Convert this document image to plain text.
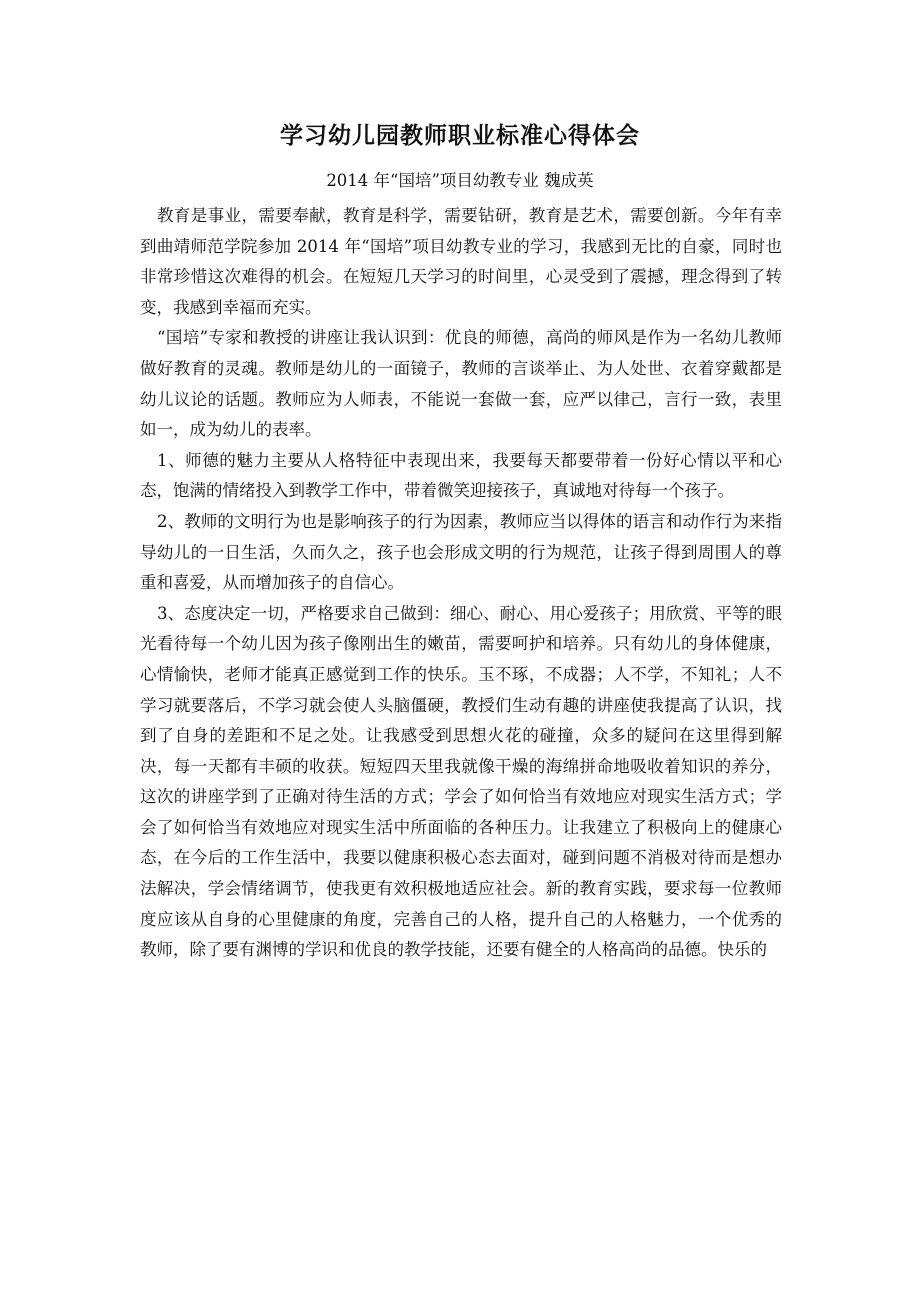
学习幼儿园教师职业标准心得体会

2014 年“国培”项目幼教专业 魏成英

教育是事业，需要奉献，教育是科学，需要钻研，教育是艺术，需要创新。今年有幸到曲靖师范学院参加 2014 年“国培”项目幼教专业的学习，我感到无比的自豪，同时也非常珍惜这次难得的机会。在短短几天学习的时间里，心灵受到了震撼，理念得到了转变，我感到幸福而充实。

“国培”专家和教授的讲座让我认识到：优良的师德，高尚的师风是作为一名幼儿教师做好教育的灵魂。教师是幼儿的一面镜子，教师的言谈举止、为人处世、衣着穿戴都是幼儿议论的话题。教师应为人师表，不能说一套做一套，应严以律己，言行一致，表里如一，成为幼儿的表率。

1、师德的魅力主要从人格特征中表现出来，我要每天都要带着一份好心情以平和心态，饱满的情绪投入到教学工作中，带着微笑迎接孩子，真诚地对待每一个孩子。

2、教师的文明行为也是影响孩子的行为因素，教师应当以得体的语言和动作行为来指导幼儿的一日生活，久而久之，孩子也会形成文明的行为规范，让孩子得到周围人的尊重和喜爱，从而增加孩子的自信心。

3、态度决定一切，严格要求自己做到：细心、耐心、用心爱孩子；用欣赏、平等的眼光看待每一个幼儿因为孩子像刚出生的嫩苗，需要呵护和培养。只有幼儿的身体健康，心情愉快，老师才能真正感觉到工作的快乐。玉不琢，不成器；人不学，不知礼；人不学习就要落后，不学习就会使人头脑僵硬，教授们生动有趣的讲座使我提高了认识，找到了自身的差距和不足之处。让我感受到思想火花的碰撞，众多的疑问在这里得到解决，每一天都有丰硕的收获。短短四天里我就像干燥的海绵拼命地吸收着知识的养分，这次的讲座学到了正确对待生活的方式；学会了如何恰当有效地应对现实生活方式；学会了如何恰当有效地应对现实生活中所面临的各种压力。让我建立了积极向上的健康心态，在今后的工作生活中，我要以健康积极心态去面对，碰到问题不消极对待而是想办法解决，学会情绪调节，使我更有效积极地适应社会。新的教育实践，要求每一位教师度应该从自身的心里健康的角度，完善自己的人格，提升自己的人格魅力，一个优秀的教师，除了要有渊博的学识和优良的教学技能，还要有健全的人格高尚的品德。快乐的
